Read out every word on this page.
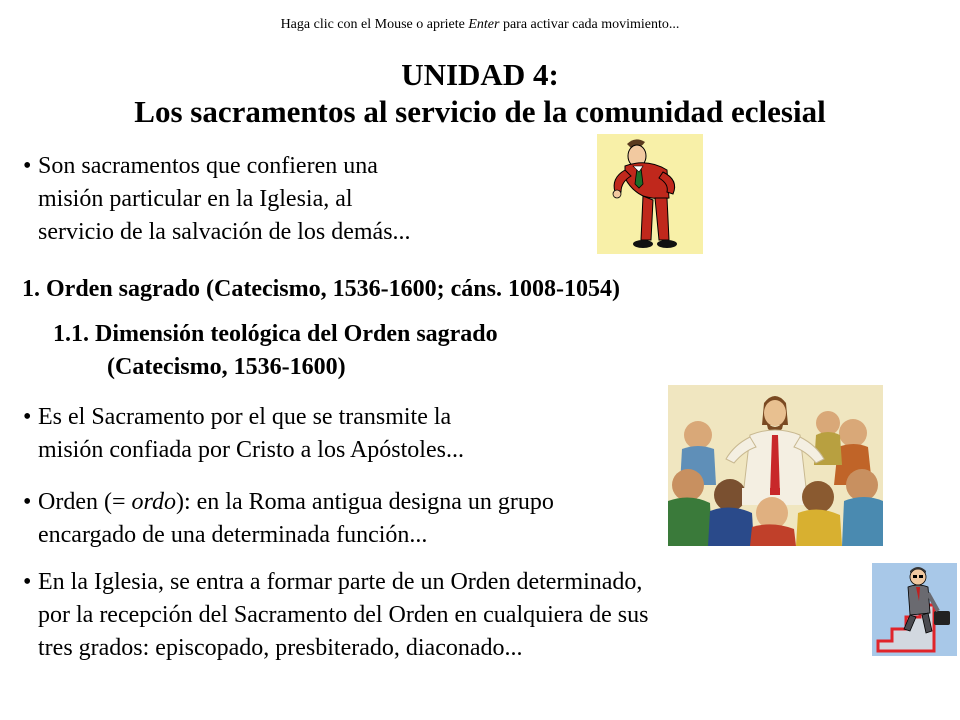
Haga clic con el Mouse o apriete Enter para activar cada movimiento...
UNIDAD 4:
Los sacramentos al servicio de la comunidad eclesial
• Son sacramentos que confieren una
misión particular en la Iglesia, al
servicio de la salvación de los demás...
1. Orden sagrado (Catecismo, 1536-1600; cáns. 1008-1054)
1.1. Dimensión teológica del Orden sagrado
(Catecismo, 1536-1600)
• Es el Sacramento por el que se transmite la
misión confiada por Cristo a los Apóstoles...
• Orden (= ordo): en la Roma antigua designa un grupo
encargado de una determinada función...
• En la Iglesia, se entra a formar parte de un Orden determinado,
por la recepción del Sacramento del Orden en cualquiera de sus
tres grados: episcopado, presbiterado, diaconado...
